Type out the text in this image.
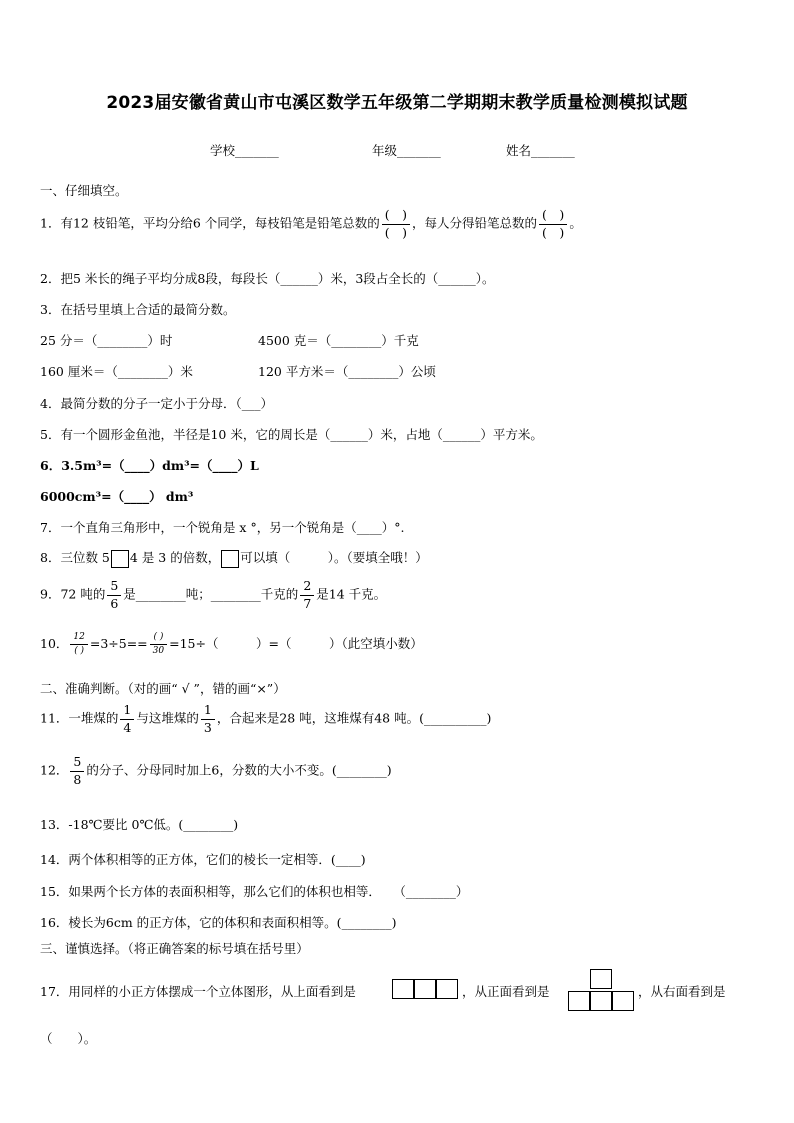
2023届安徽省黄山市屯溪区数学五年级第二学期期末教学质量检测模拟试题
学校_______	年级_______	姓名_______
一、仔细填空。
1．有12 枝铅笔，平均分给6 个同学，每枝铅笔是铅笔总数的 $\frac{( )}{( )}$ ，每人分得铅笔总数的 $\frac{( )}{( )}$ 。
2．把5 米长的绳子平均分成8段，每段长（______）米，3段占全长的（______）。
3．在括号里填上合适的最简分数。
25 分＝（________）时	4500 克＝（________）千克
160 厘米＝（________）米	120 平方米＝（________）公顷
4．最简分数的分子一定小于分母．（___）
5．有一个圆形金鱼池，半径是10 米，它的周长是（______）米，占地（______）平方米。
6．3.5m³=（____）dm³=（____）L
6000cm³=（____） dm³
7．一个直角三角形中，一个锐角是 x °，另一个锐角是（____）°.
8．三位数 5 4 是 3 的倍数， 可以填（　　　）。（要填全哦！）
9．72 吨的 $\frac{5}{6}$ 是________吨；________千克的 $\frac{2}{7}$ 是14 千克。
10． $\frac{12}{( )} =3\div 5== \frac{( )}{30} =15\div$（　　　）=（　　　）（此空填小数）
二、准确判断。（对的画“ √ ”，错的画“×”）
11．一堆煤的 $\frac{1}{4}$ 与这堆煤的 $\frac{1}{3}$ ，合起来是28 吨，这堆煤有48 吨。(__________)
12． $\frac{5}{8}$ 的分子、分母同时加上6，分数的大小不变。(________)
13．-18℃要比 0℃低。(________)
14．两个体积相等的正方体，它们的棱长一定相等．(____)
15．如果两个长方体的表面积相等，那么它们的体积也相等．　　（________）
16．棱长为6cm 的正方体，它的体积和表面积相等。(________)
三、谨慎选择。（将正确答案的标号填在括号里）
17．用同样的小正方体摆成一个立体图形，从上面看到是	，从正面看到是	，从右面看到是
（　　）。
